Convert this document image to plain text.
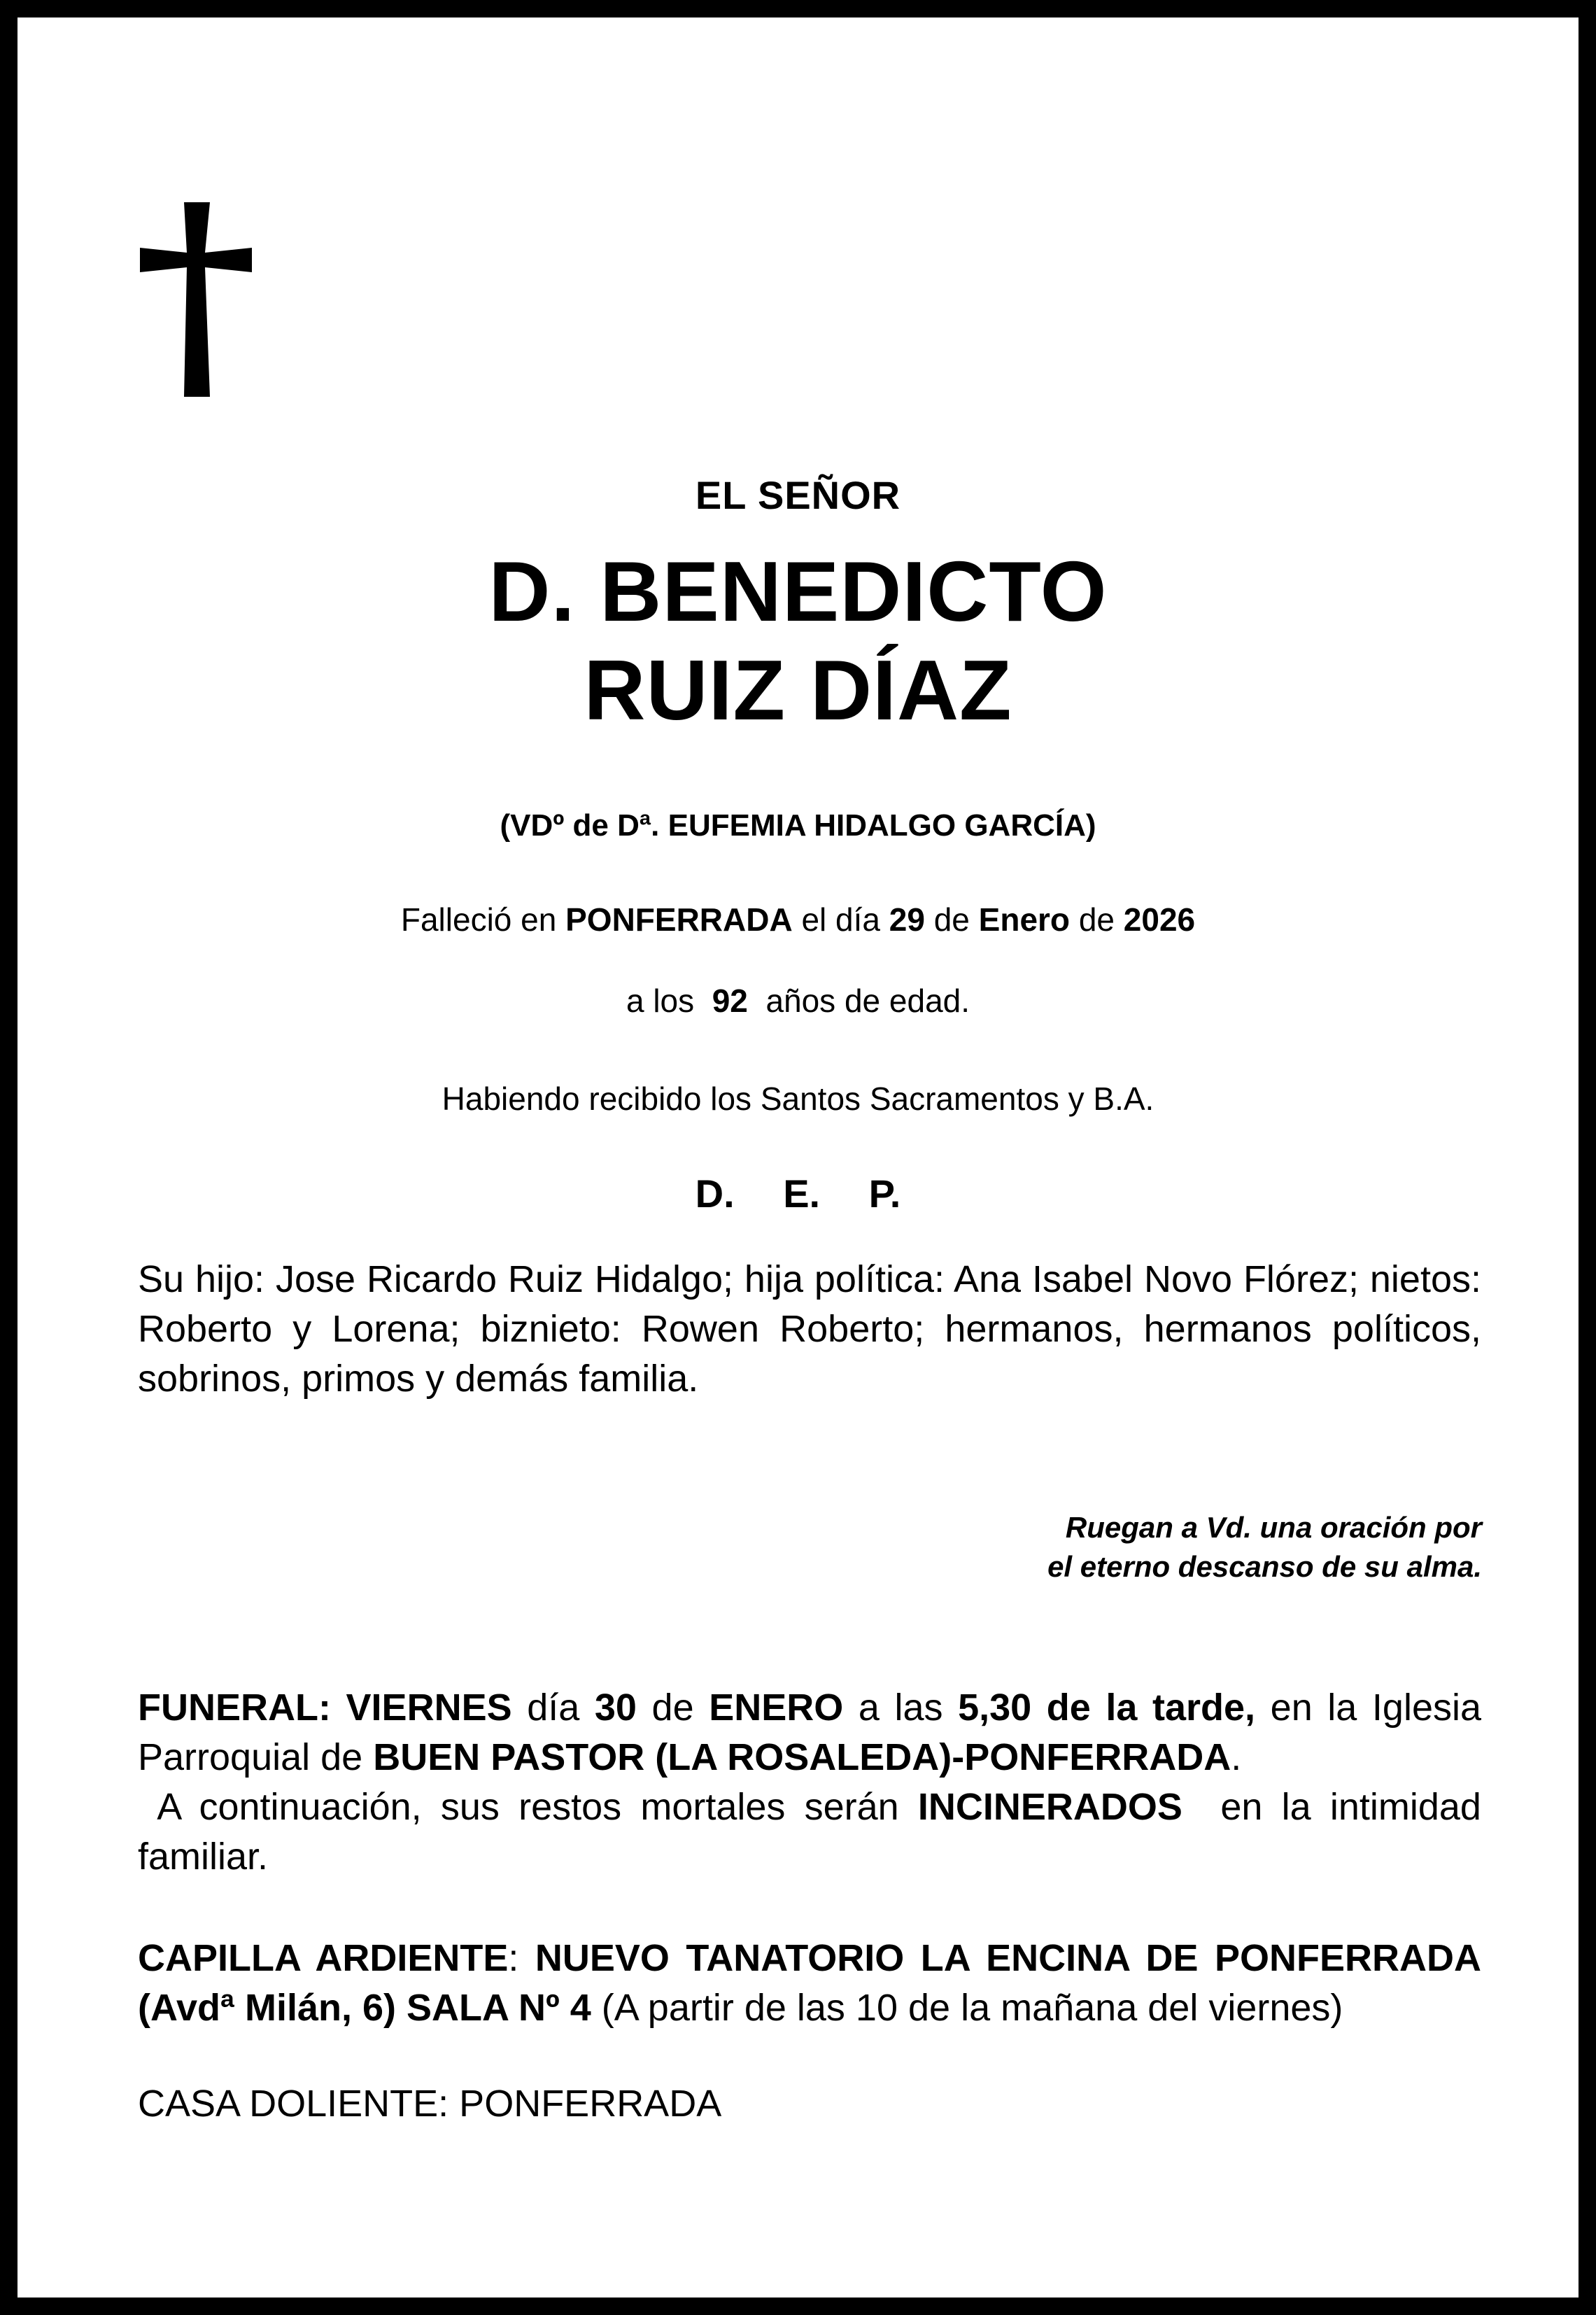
EL SEÑOR
D. BENEDICTO
RUIZ DÍAZ
(VDº de Dª. EUFEMIA HIDALGO GARCÍA)
Falleció en PONFERRADA el día 29 de Enero de 2026
a los 92 años de edad.
Habiendo recibido los Santos Sacramentos y B.A.
D. E. P.
Su hijo: Jose Ricardo Ruiz Hidalgo; hija política: Ana Isabel Novo Flórez; nietos: Roberto y Lorena; biznieto: Rowen Roberto; hermanos, hermanos políticos, sobrinos, primos y demás familia.
Ruegan a Vd. una oración por
el eterno descanso de su alma.
FUNERAL: VIERNES día 30 de ENERO a las 5,30 de la tarde, en la Iglesia Parroquial de BUEN PASTOR (LA ROSALEDA)-PONFERRADA.
A continuación, sus restos mortales serán INCINERADOS en la intimidad familiar.
CAPILLA ARDIENTE: NUEVO TANATORIO LA ENCINA DE PONFERRADA (Avdª Milán, 6) SALA Nº 4 (A partir de las 10 de la mañana del viernes)
CASA DOLIENTE: PONFERRADA
